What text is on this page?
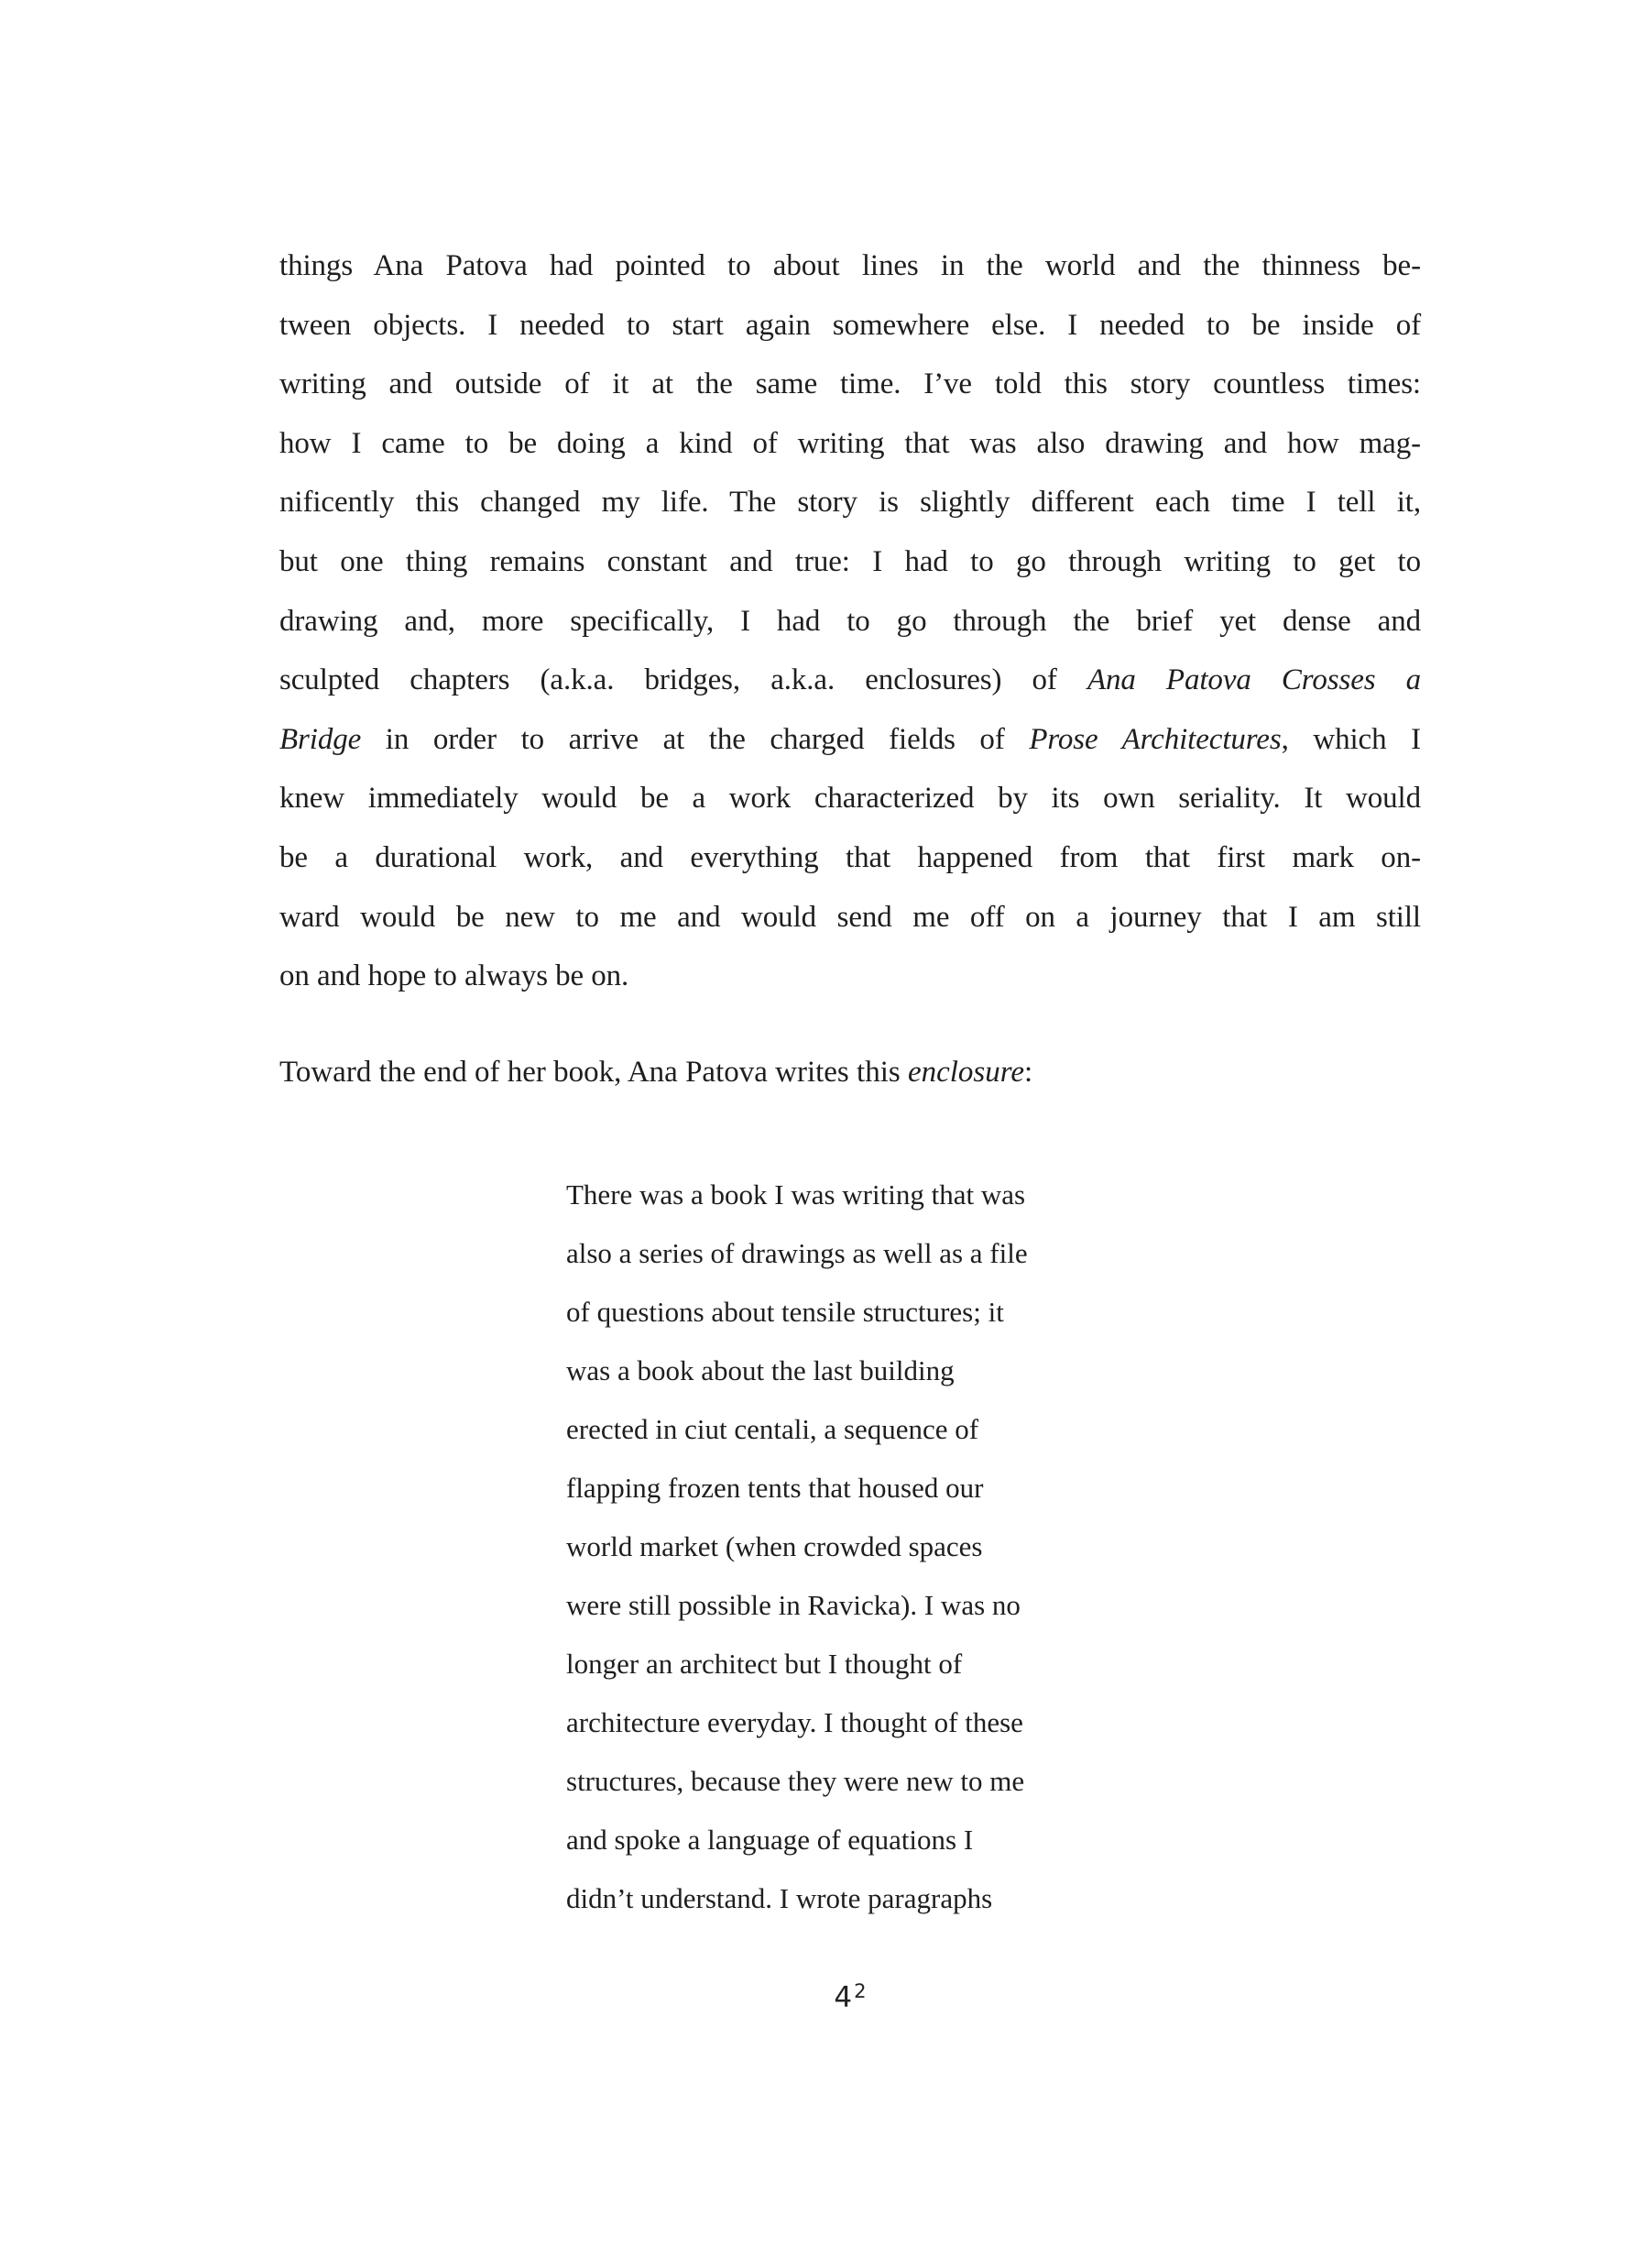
things Ana Patova had pointed to about lines in the world and the thinness be-
tween objects. I needed to start again somewhere else. I needed to be inside of
writing and outside of it at the same time. I’ve told this story countless times:
how I came to be doing a kind of writing that was also drawing and how mag-
nificently this changed my life. The story is slightly different each time I tell it,
but one thing remains constant and true: I had to go through writing to get to
drawing and, more specifically, I had to go through the brief yet dense and
sculpted chapters (a.k.a. bridges, a.k.a. enclosures) of Ana Patova Crosses a
Bridge in order to arrive at the charged fields of Prose Architectures, which I
knew immediately would be a work characterized by its own seriality. It would
be a durational work, and everything that happened from that first mark on-
ward would be new to me and would send me off on a journey that I am still
on and hope to always be on.

Toward the end of her book, Ana Patova writes this enclosure:

There was a book I was writing that was
also a series of drawings as well as a file
of questions about tensile structures; it
was a book about the last building
erected in ciut centali, a sequence of
flapping frozen tents that housed our
world market (when crowded spaces
were still possible in Ravicka). I was no
longer an architect but I thought of
architecture everyday. I thought of these
structures, because they were new to me
and spoke a language of equations I
didn’t understand. I wrote paragraphs
$4^2$
